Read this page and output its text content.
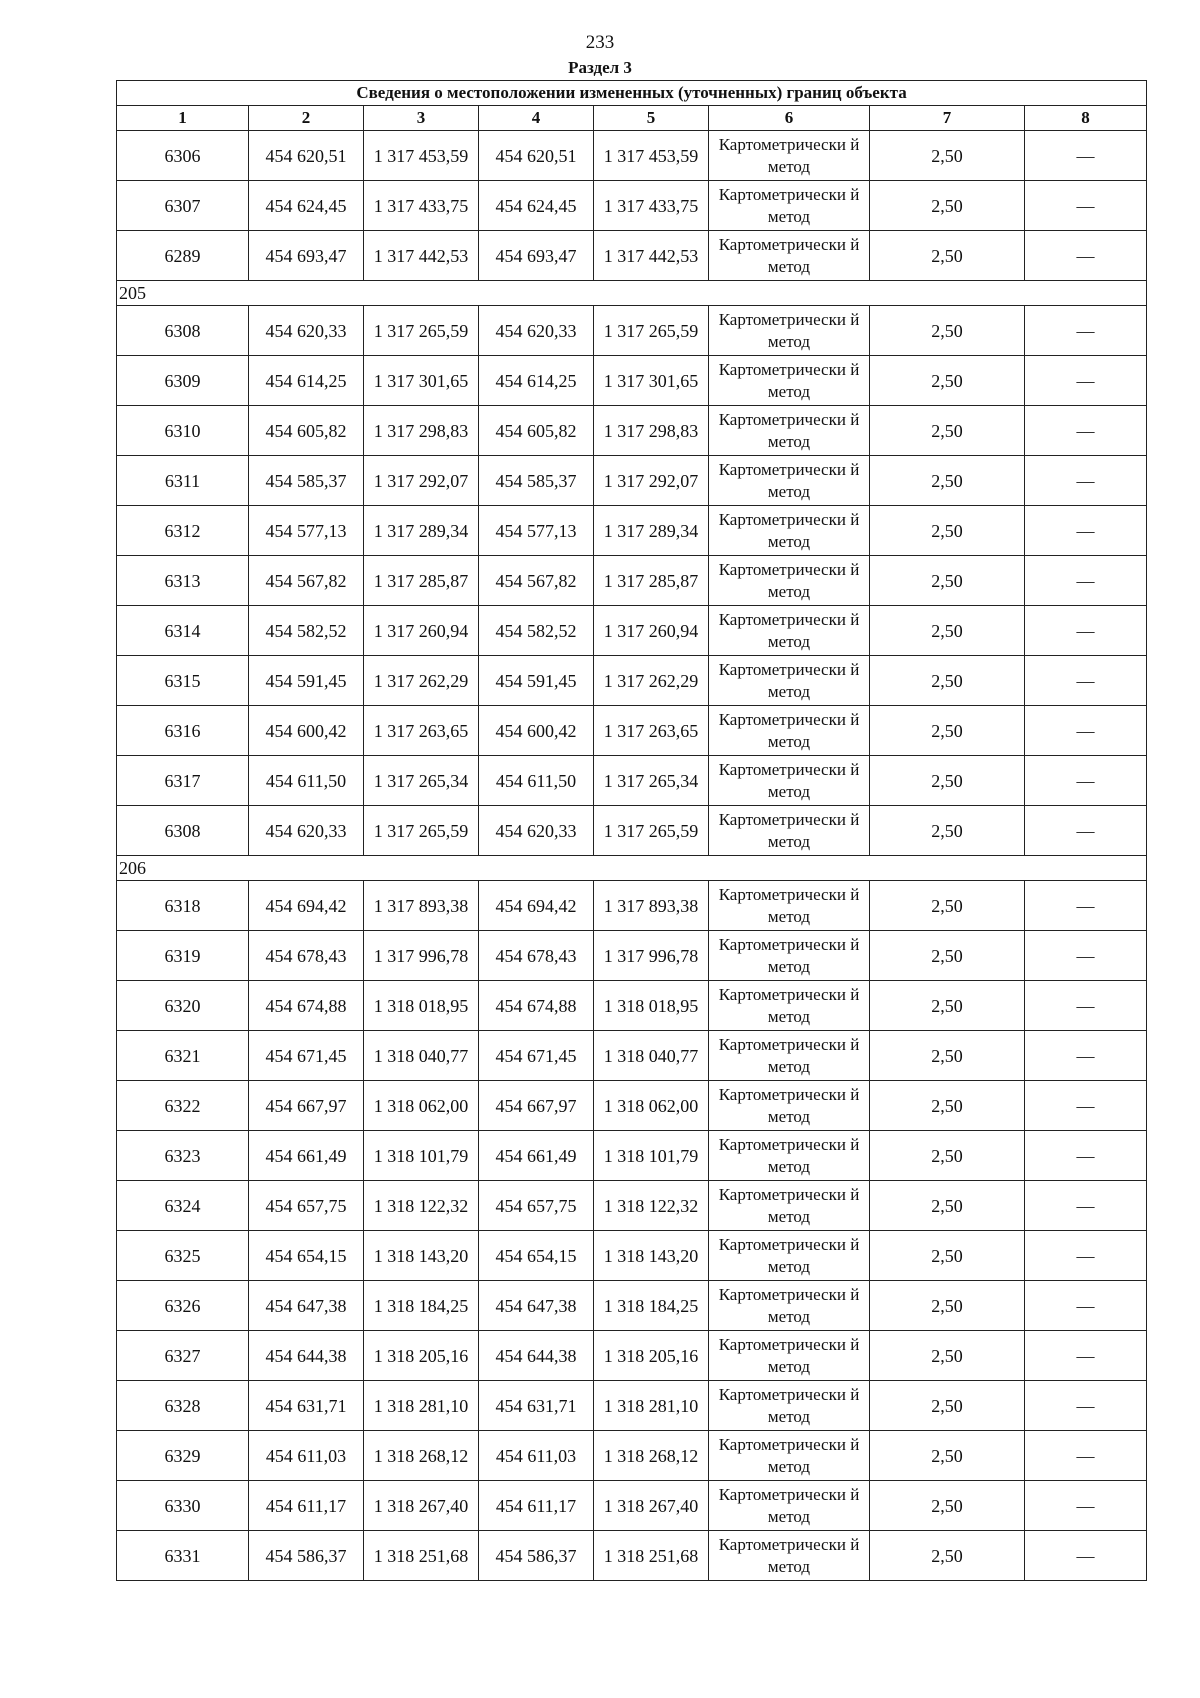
233
Раздел 3
Сведения о местоположении измененных (уточненных) границ объекта							
1	2	3	4	5	6	7	8
6306	454 620,51	1 317 453,59	454 620,51	1 317 453,59	Картометрически й метод	2,50	—
6307	454 624,45	1 317 433,75	454 624,45	1 317 433,75	Картометрически й метод	2,50	—
6289	454 693,47	1 317 442,53	454 693,47	1 317 442,53	Картометрически й метод	2,50	—
205							
6308	454 620,33	1 317 265,59	454 620,33	1 317 265,59	Картометрически й метод	2,50	—
6309	454 614,25	1 317 301,65	454 614,25	1 317 301,65	Картометрически й метод	2,50	—
6310	454 605,82	1 317 298,83	454 605,82	1 317 298,83	Картометрически й метод	2,50	—
6311	454 585,37	1 317 292,07	454 585,37	1 317 292,07	Картометрически й метод	2,50	—
6312	454 577,13	1 317 289,34	454 577,13	1 317 289,34	Картометрически й метод	2,50	—
6313	454 567,82	1 317 285,87	454 567,82	1 317 285,87	Картометрически й метод	2,50	—
6314	454 582,52	1 317 260,94	454 582,52	1 317 260,94	Картометрически й метод	2,50	—
6315	454 591,45	1 317 262,29	454 591,45	1 317 262,29	Картометрически й метод	2,50	—
6316	454 600,42	1 317 263,65	454 600,42	1 317 263,65	Картометрически й метод	2,50	—
6317	454 611,50	1 317 265,34	454 611,50	1 317 265,34	Картометрически й метод	2,50	—
6308	454 620,33	1 317 265,59	454 620,33	1 317 265,59	Картометрически й метод	2,50	—
206							
6318	454 694,42	1 317 893,38	454 694,42	1 317 893,38	Картометрически й метод	2,50	—
6319	454 678,43	1 317 996,78	454 678,43	1 317 996,78	Картометрически й метод	2,50	—
6320	454 674,88	1 318 018,95	454 674,88	1 318 018,95	Картометрически й метод	2,50	—
6321	454 671,45	1 318 040,77	454 671,45	1 318 040,77	Картометрически й метод	2,50	—
6322	454 667,97	1 318 062,00	454 667,97	1 318 062,00	Картометрически й метод	2,50	—
6323	454 661,49	1 318 101,79	454 661,49	1 318 101,79	Картометрически й метод	2,50	—
6324	454 657,75	1 318 122,32	454 657,75	1 318 122,32	Картометрически й метод	2,50	—
6325	454 654,15	1 318 143,20	454 654,15	1 318 143,20	Картометрически й метод	2,50	—
6326	454 647,38	1 318 184,25	454 647,38	1 318 184,25	Картометрически й метод	2,50	—
6327	454 644,38	1 318 205,16	454 644,38	1 318 205,16	Картометрически й метод	2,50	—
6328	454 631,71	1 318 281,10	454 631,71	1 318 281,10	Картометрически й метод	2,50	—
6329	454 611,03	1 318 268,12	454 611,03	1 318 268,12	Картометрически й метод	2,50	—
6330	454 611,17	1 318 267,40	454 611,17	1 318 267,40	Картометрически й метод	2,50	—
6331	454 586,37	1 318 251,68	454 586,37	1 318 251,68	Картометрически й метод	2,50	—
